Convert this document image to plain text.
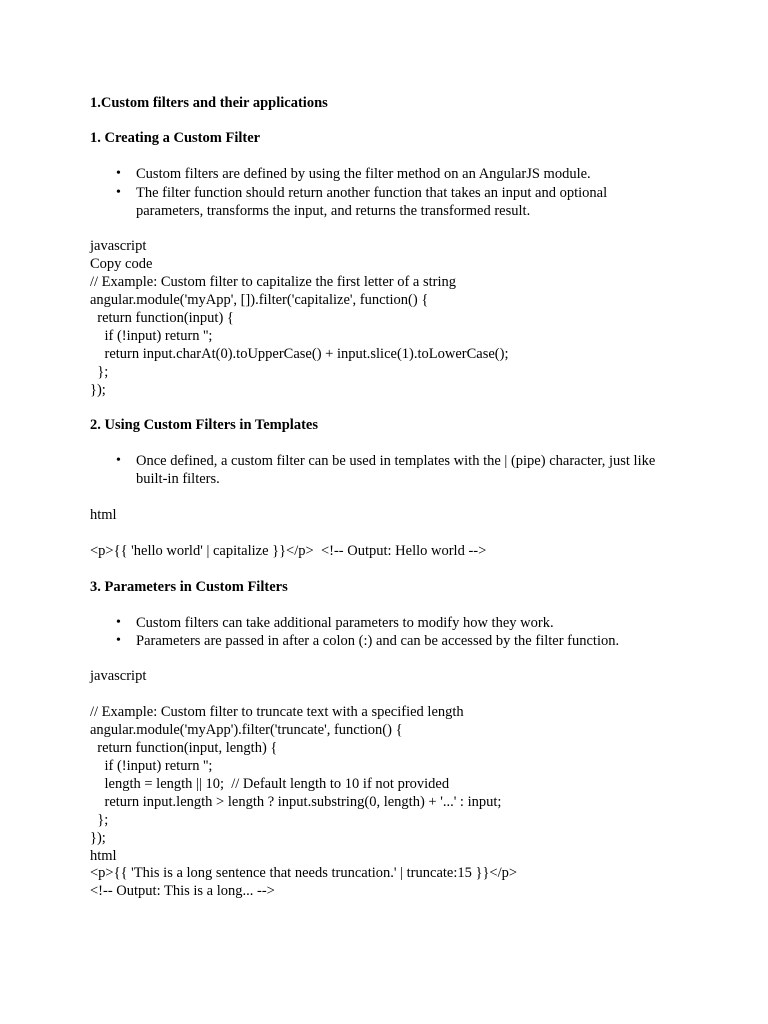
1.Custom filters and their applications

1. Creating a Custom Filter

• Custom filters are defined by using the filter method on an AngularJS module.

• The filter function should return another function that takes an input and optional

parameters, transforms the input, and returns the transformed result.

javascript

Copy code

// Example: Custom filter to capitalize the first letter of a string

angular.module('myApp', []).filter('capitalize', function() {

return function(input) {

if (!input) return '';

return input.charAt(0).toUpperCase() + input.slice(1).toLowerCase();

};

});

2. Using Custom Filters in Templates

• Once defined, a custom filter can be used in templates with the | (pipe) character, just like

built-in filters.

html

<p>{{ 'hello world' | capitalize }}</p>  <!-- Output: Hello world -->

3. Parameters in Custom Filters

• Custom filters can take additional parameters to modify how they work.

• Parameters are passed in after a colon (:) and can be accessed by the filter function.

javascript

// Example: Custom filter to truncate text with a specified length

angular.module('myApp').filter('truncate', function() {

return function(input, length) {

if (!input) return '';

length = length || 10;  // Default length to 10 if not provided

return input.length > length ? input.substring(0, length) + '...' : input;

};

});

html

<p>{{ 'This is a long sentence that needs truncation.' | truncate:15 }}</p>

<!-- Output: This is a long... -->
